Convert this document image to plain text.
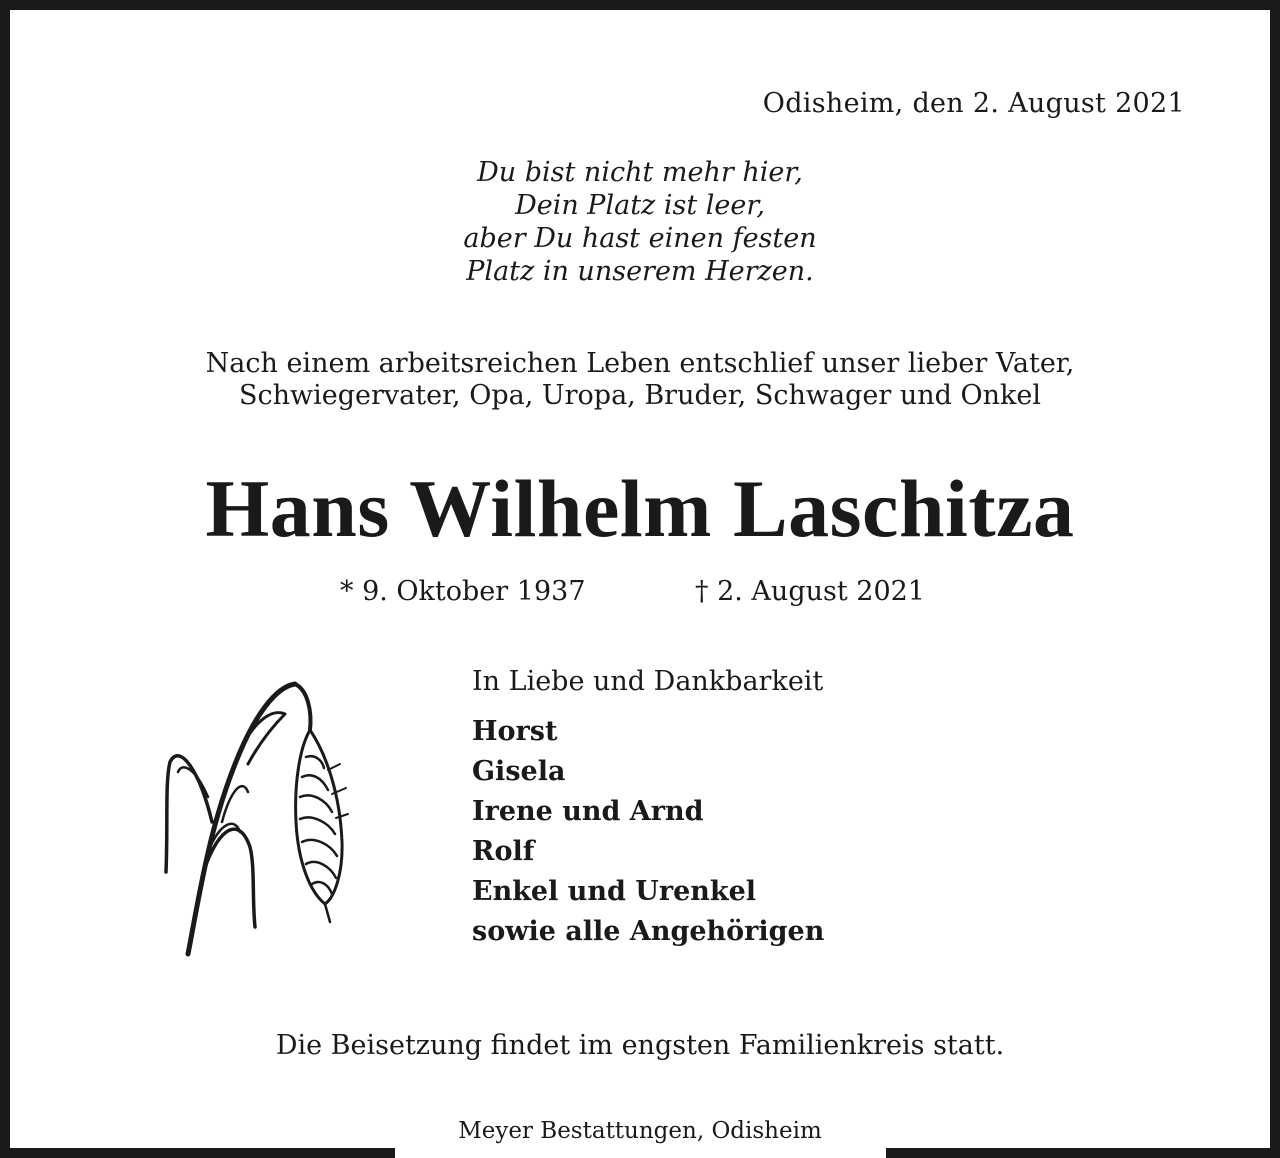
Odisheim, den 2. August 2021
Du bist nicht mehr hier,
Dein Platz ist leer,
aber Du hast einen festen
Platz in unserem Herzen.
Nach einem arbeitsreichen Leben entschlief unser lieber Vater,
Schwiegervater, Opa, Uropa, Bruder, Schwager und Onkel
Hans Wilhelm Laschitza
* 9. Oktober 1937	† 2. August 2021
In Liebe und Dankbarkeit
Horst
Gisela
Irene und Arnd
Rolf
Enkel und Urenkel
sowie alle Angehörigen
Die Beisetzung findet im engsten Familienkreis statt.
Meyer Bestattungen, Odisheim
